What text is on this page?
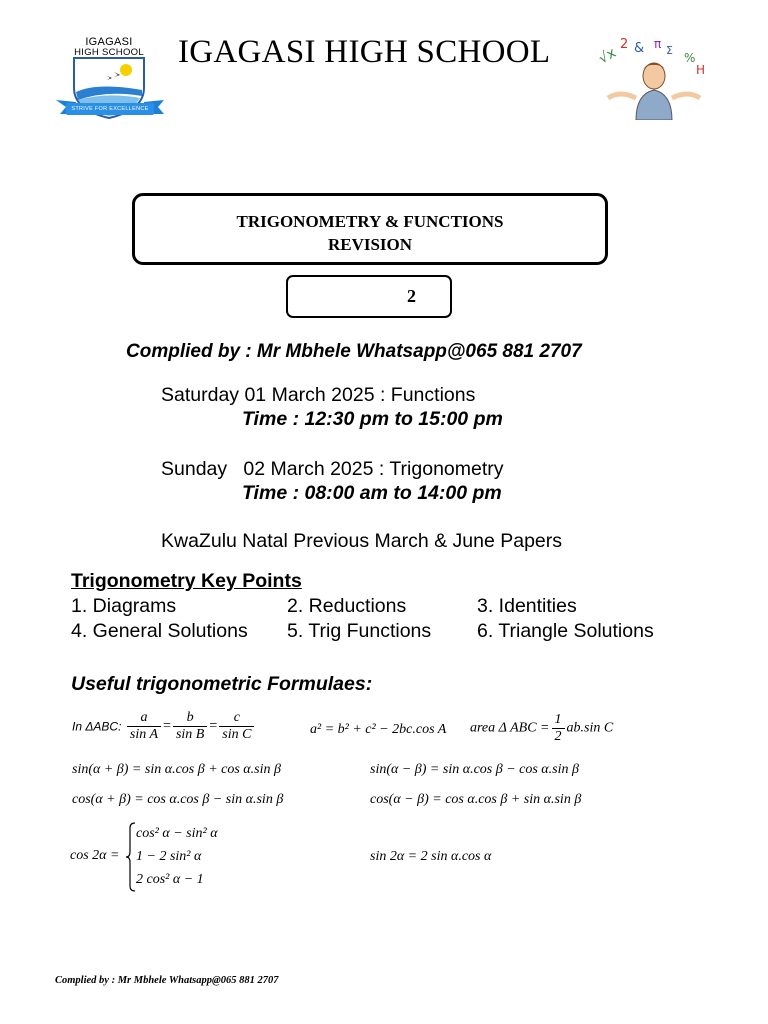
IGAGASI
HIGH SCHOOL
STRIVE FOR EXCELLENCE
IGAGASI HIGH SCHOOL	√x
2 & π Σ
%
H
TRIGONOMETRY & FUNCTIONS
REVISION
2
Complied by : Mr Mbhele Whatsapp@065 881 2707
Saturday 01 March 2025 : Functions
Time : 12:30 pm to 15:00 pm
Sunday   02 March 2025 : Trigonometry
Time : 08:00 am to 14:00 pm
KwaZulu Natal Previous March & June Papers
Trigonometry Key Points
1. Diagrams	2. Reductions	3. Identities
4. General Solutions 5. Trig Functions 6. Triangle Solutions
Useful trigonometric Formulaes:
In ΔABC: $\frac{a}{\text{sin A}} = \frac{b}{\text{sin B}} = \frac{c}{\text{sin C}}$	a² = b² + c² − 2bc.cos A area Δ ABC = $\frac{1}{2} ab.\sin$ C
sin(α + β) = sin α.cos β + cos α.sin β	sin(α − β) = sin α.cos β − cos α.sin β
cos(α + β) = cos α.cos β − sin α.sin β	cos(α − β) = cos α.cos β + sin α.sin β
cos 2α =
cos² α − sin² α
1 − 2 sin² α
2 cos² α − 1
sin 2α = 2 sin α.cos α
Complied by : Mr Mbhele Whatsapp@065 881 2707
